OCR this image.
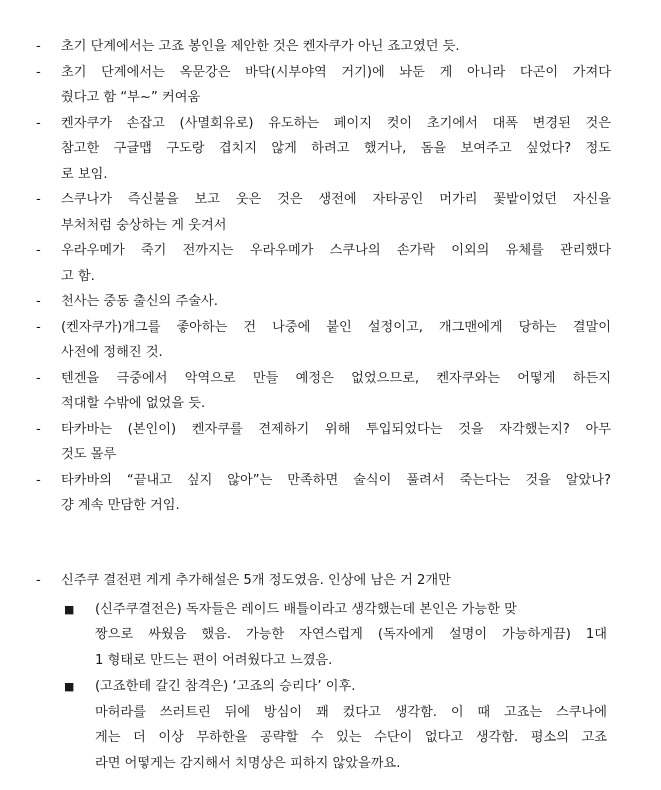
- 초기 단계에서는 고죠 봉인을 제안한 것은 켄자쿠가 아닌 죠고였던 듯.
- 초기 단계에서는 옥문강은 바닥(시부야역 거기)에 놔둔 게 아니라 다곤이 가져다
줬다고 함 “부~” 커여움
- 켄자쿠가 손잡고 (사멸회유로) 유도하는 페이지 컷이 초기에서 대폭 변경된 것은
참고한 구글맵 구도랑 겹치지 않게 하려고 했거나, 돔을 보여주고 싶었다? 정도
로 보임.
- 스쿠나가 즉신불을 보고 웃은 것은 생전에 자타공인 머가리 꽃밭이었던 자신을
부처처럼 숭상하는 게 웃겨서
- 우라우메가 죽기 전까지는 우라우메가 스쿠나의 손가락 이외의 유체를 관리했다
고 함.
- 천사는 중동 출신의 주술사.
- (켄자쿠가)개그를 좋아하는 건 나중에 붙인 설정이고, 개그맨에게 당하는 결말이
사전에 정해진 것.
- 텐겐을 극중에서 악역으로 만들 예정은 없었으므로, 켄자쿠와는 어떻게 하든지
적대할 수밖에 없었을 듯.
- 타카바는 (본인이) 켄자쿠를 견제하기 위해 투입되었다는 것을 자각했는지? 아무
것도 몰루
- 타카바의 “끝내고 싶지 않아”는 만족하면 술식이 풀려서 죽는다는 것을 알았나?
걍 계속 만담한 거임.
- 신주쿠 결전편 게게 추가해설은 5개 정도였음. 인상에 남은 거 2개만
■ (신주쿠결전은) 독자들은 레이드 배틀이라고 생각했는데 본인은 가능한 맞
짱으로 싸웠음 했음. 가능한 자연스럽게 (독자에게 설명이 가능하게끔) 1대
1 형태로 만드는 편이 어려웠다고 느꼈음.
■ (고죠한테 갈긴 참격은) ‘고죠의 승리다’ 이후.
마허라를 쓰러트린 뒤에 방심이 꽤 컸다고 생각함. 이 때 고죠는 스쿠나에
게는 더 이상 무하한을 공략할 수 있는 수단이 없다고 생각함. 평소의 고죠
라면 어떻게는 감지해서 치명상은 피하지 않았을까요.
